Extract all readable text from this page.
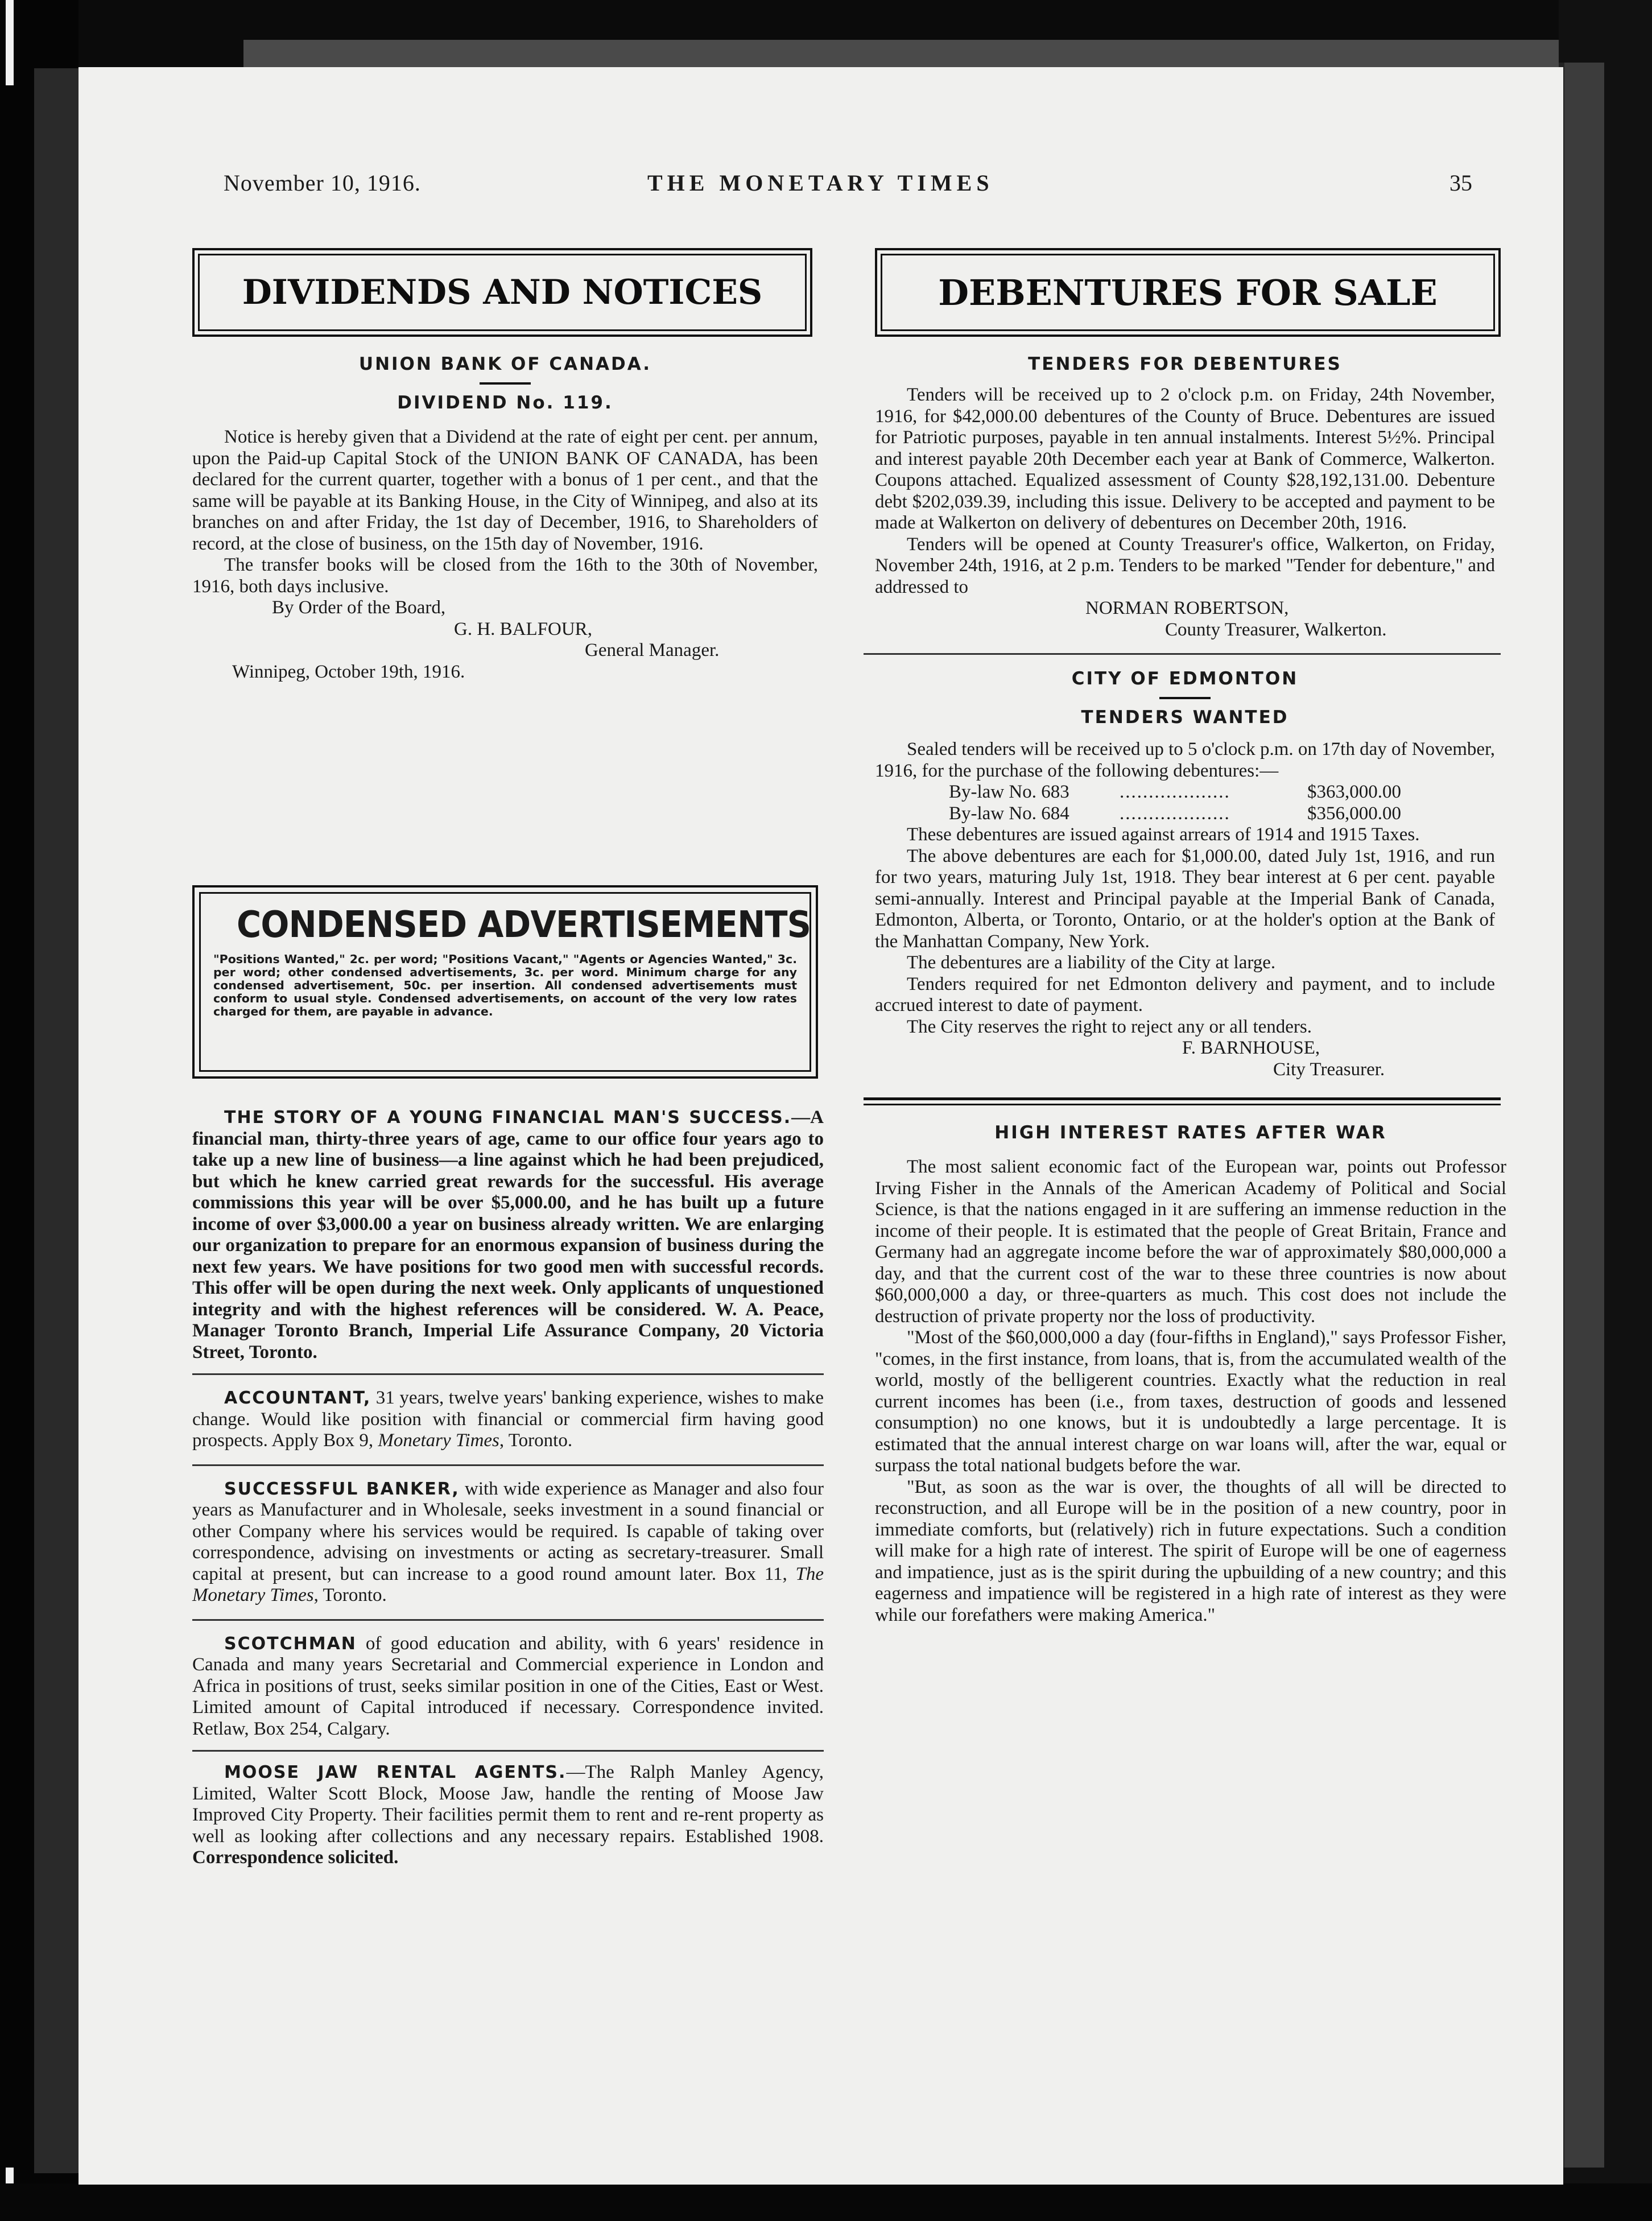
November 10, 1916.	THE MONETARY TIMES	35
DIVIDENDS AND NOTICES
UNION BANK OF CANADA.
DIVIDEND No. 119.
Notice is hereby given that a Dividend at the rate of eight per cent. per annum, upon the Paid-up Capital Stock of the UNION BANK OF CANADA, has been declared for the current quarter, together with a bonus of 1 per cent., and that the same will be payable at its Banking House, in the City of Winnipeg, and also at its branches on and after Friday, the 1st day of December, 1916, to Shareholders of record, at the close of business, on the 15th day of November, 1916.
The transfer books will be closed from the 16th to the 30th of November, 1916, both days inclusive.
By Order of the Board,
G. H. BALFOUR,
General Manager.
Winnipeg, October 19th, 1916.
CONDENSED ADVERTISEMENTS
"Positions Wanted," 2c. per word; "Positions Vacant," "Agents or Agencies Wanted," 3c. per word; other condensed advertisements, 3c. per word. Minimum charge for any condensed advertisement, 50c. per insertion. All condensed advertisements must conform to usual style. Condensed advertisements, on account of the very low rates charged for them, are payable in advance.
THE STORY OF A YOUNG FINANCIAL MAN'S SUCCESS.—A financial man, thirty-three years of age, came to our office four years ago to take up a new line of business—a line against which he had been prejudiced, but which he knew carried great rewards for the successful. His average commissions this year will be over $5,000.00, and he has built up a future income of over $3,000.00 a year on business already written. We are enlarging our organization to prepare for an enormous expansion of business during the next few years. We have positions for two good men with successful records. This offer will be open during the next week. Only applicants of unquestioned integrity and with the highest references will be considered. W. A. Peace, Manager Toronto Branch, Imperial Life Assurance Company, 20 Victoria Street, Toronto.
ACCOUNTANT, 31 years, twelve years' banking experience, wishes to make change. Would like position with financial or commercial firm having good prospects. Apply Box 9, Monetary Times, Toronto.
SUCCESSFUL BANKER, with wide experience as Manager and also four years as Manufacturer and in Wholesale, seeks investment in a sound financial or other Company where his services would be required. Is capable of taking over correspondence, advising on investments or acting as secretary-treasurer. Small capital at present, but can increase to a good round amount later. Box 11, The Monetary Times, Toronto.
SCOTCHMAN of good education and ability, with 6 years' residence in Canada and many years Secretarial and Commercial experience in London and Africa in positions of trust, seeks similar position in one of the Cities, East or West. Limited amount of Capital introduced if necessary. Correspondence invited. Retlaw, Box 254, Calgary.
MOOSE JAW RENTAL AGENTS.—The Ralph Manley Agency, Limited, Walter Scott Block, Moose Jaw, handle the renting of Moose Jaw Improved City Property. Their facilities permit them to rent and re-rent property as well as looking after collections and any necessary repairs. Established 1908. Correspondence solicited.
DEBENTURES FOR SALE
TENDERS FOR DEBENTURES
Tenders will be received up to 2 o'clock p.m. on Friday, 24th November, 1916, for $42,000.00 debentures of the County of Bruce. Debentures are issued for Patriotic purposes, payable in ten annual instalments. Interest 5½%. Principal and interest payable 20th December each year at Bank of Commerce, Walkerton. Coupons attached. Equalized assessment of County $28,192,131.00. Debenture debt $202,039.39, including this issue. Delivery to be accepted and payment to be made at Walkerton on delivery of debentures on December 20th, 1916.
Tenders will be opened at County Treasurer's office, Walkerton, on Friday, November 24th, 1916, at 2 p.m. Tenders to be marked "Tender for debenture," and addressed to
NORMAN ROBERTSON,
County Treasurer, Walkerton.
CITY OF EDMONTON
TENDERS WANTED
Sealed tenders will be received up to 5 o'clock p.m. on 17th day of November, 1916, for the purchase of the following debentures:—
By-law No. 683	...................	$363,000.00
By-law No. 684	...................	$356,000.00
These debentures are issued against arrears of 1914 and 1915 Taxes.
The above debentures are each for $1,000.00, dated July 1st, 1916, and run for two years, maturing July 1st, 1918. They bear interest at 6 per cent. payable semi-annually. Interest and Principal payable at the Imperial Bank of Canada, Edmonton, Alberta, or Toronto, Ontario, or at the holder's option at the Bank of the Manhattan Company, New York.
The debentures are a liability of the City at large.
Tenders required for net Edmonton delivery and payment, and to include accrued interest to date of payment.
The City reserves the right to reject any or all tenders.
F. BARNHOUSE,
City Treasurer.
HIGH INTEREST RATES AFTER WAR
The most salient economic fact of the European war, points out Professor Irving Fisher in the Annals of the American Academy of Political and Social Science, is that the nations engaged in it are suffering an immense reduction in the income of their people. It is estimated that the people of Great Britain, France and Germany had an aggregate income before the war of approximately $80,000,000 a day, and that the current cost of the war to these three countries is now about $60,000,000 a day, or three-quarters as much. This cost does not include the destruction of private property nor the loss of productivity.
"Most of the $60,000,000 a day (four-fifths in England)," says Professor Fisher, "comes, in the first instance, from loans, that is, from the accumulated wealth of the world, mostly of the belligerent countries. Exactly what the reduction in real current incomes has been (i.e., from taxes, destruction of goods and lessened consumption) no one knows, but it is undoubtedly a large percentage. It is estimated that the annual interest charge on war loans will, after the war, equal or surpass the total national budgets before the war.
"But, as soon as the war is over, the thoughts of all will be directed to reconstruction, and all Europe will be in the position of a new country, poor in immediate comforts, but (relatively) rich in future expectations. Such a condition will make for a high rate of interest. The spirit of Europe will be one of eagerness and impatience, just as is the spirit during the upbuilding of a new country; and this eagerness and impatience will be registered in a high rate of interest as they were while our forefathers were making America."
